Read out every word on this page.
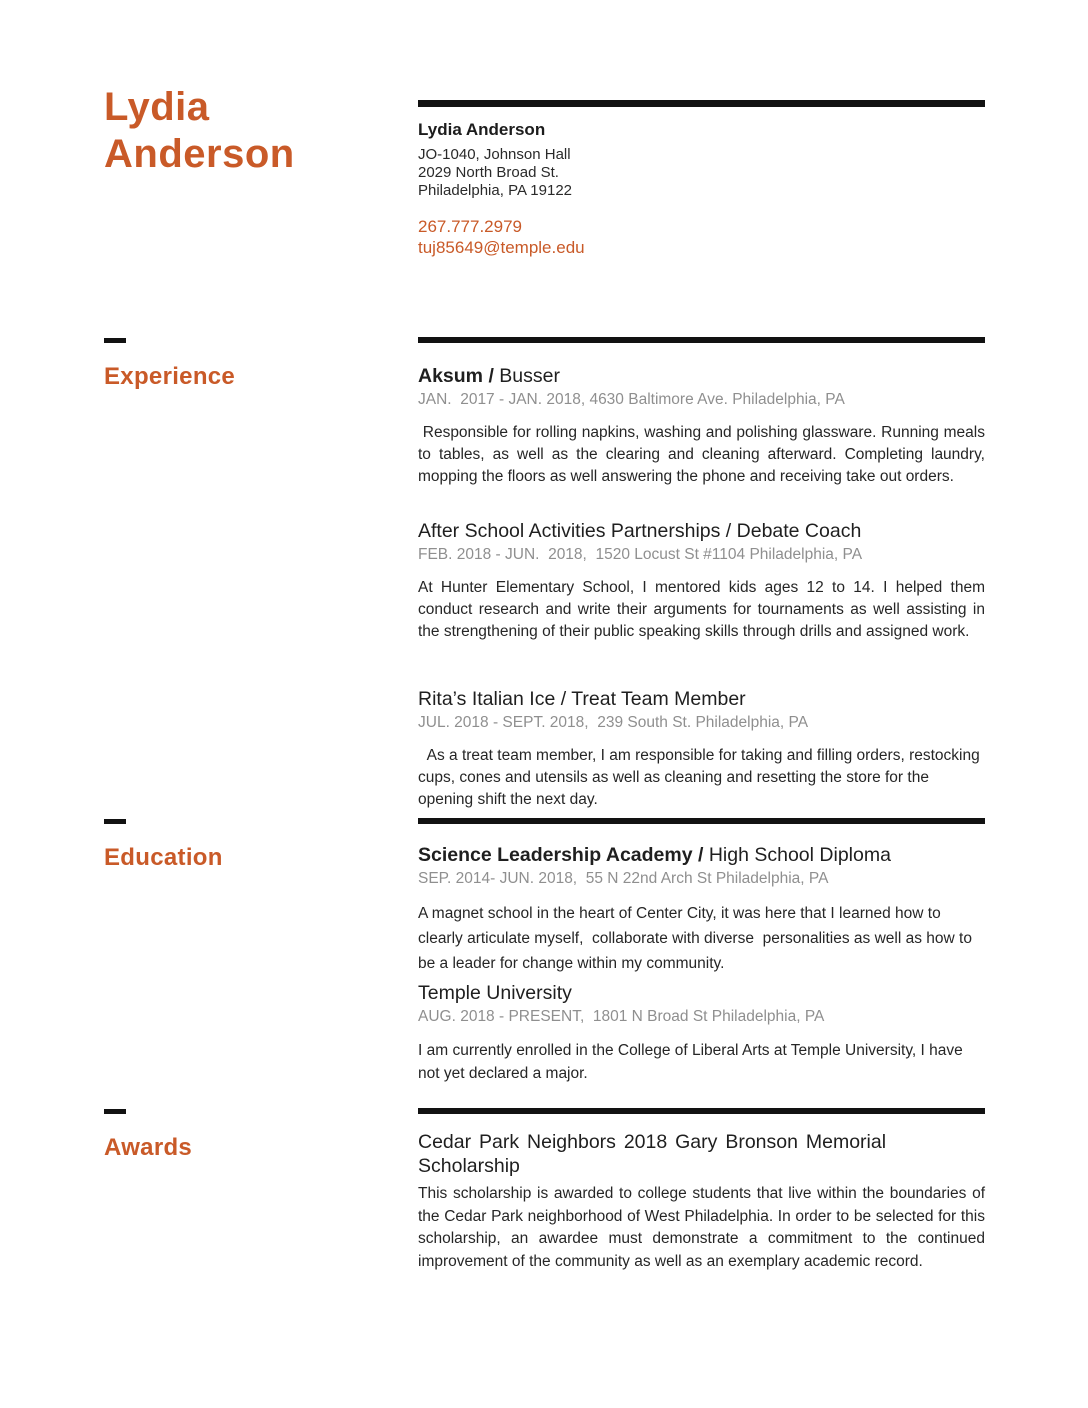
Lydia
Anderson
Lydia Anderson
JO-1040, Johnson Hall
2029 North Broad St.
Philadelphia, PA 19122
267.777.2979
tuj85649@temple.edu
Experience	Aksum / Busser
JAN.  2017 - JAN. 2018, 4630 Baltimore Ave. Philadelphia, PA
Responsible for rolling napkins, washing and polishing glassware. Running meals to tables, as well as the clearing and cleaning afterward. Completing laundry, mopping the floors as well answering the phone and receiving take out orders.
After School Activities Partnerships / Debate Coach
FEB. 2018 - JUN.  2018,  1520 Locust St #1104 Philadelphia, PA
At Hunter Elementary School, I mentored kids ages 12 to 14. I helped them conduct research and write their arguments for tournaments as well assisting in the strengthening of their public speaking skills through drills and assigned work.
Rita’s Italian Ice / Treat Team Member
JUL. 2018 - SEPT. 2018,  239 South St. Philadelphia, PA
As a treat team member, I am responsible for taking and filling orders, restocking cups, cones and utensils as well as cleaning and resetting the store for the opening shift the next day.
Education	Science Leadership Academy / High School Diploma
SEP. 2014- JUN. 2018,  55 N 22nd Arch St Philadelphia, PA
A magnet school in the heart of Center City, it was here that I learned how to clearly articulate myself,  collaborate with diverse  personalities as well as how to be a leader for change within my community.
Temple University
AUG. 2018 - PRESENT,  1801 N Broad St Philadelphia, PA
I am currently enrolled in the College of Liberal Arts at Temple University, I have not yet declared a major.
Awards	Cedar Park Neighbors 2018 Gary Bronson Memorial Scholarship
This scholarship is awarded to college students that live within the boundaries of the Cedar Park neighborhood of West Philadelphia. In order to be selected for this scholarship, an awardee must demonstrate a commitment to the continued improvement of the community as well as an exemplary academic record.
